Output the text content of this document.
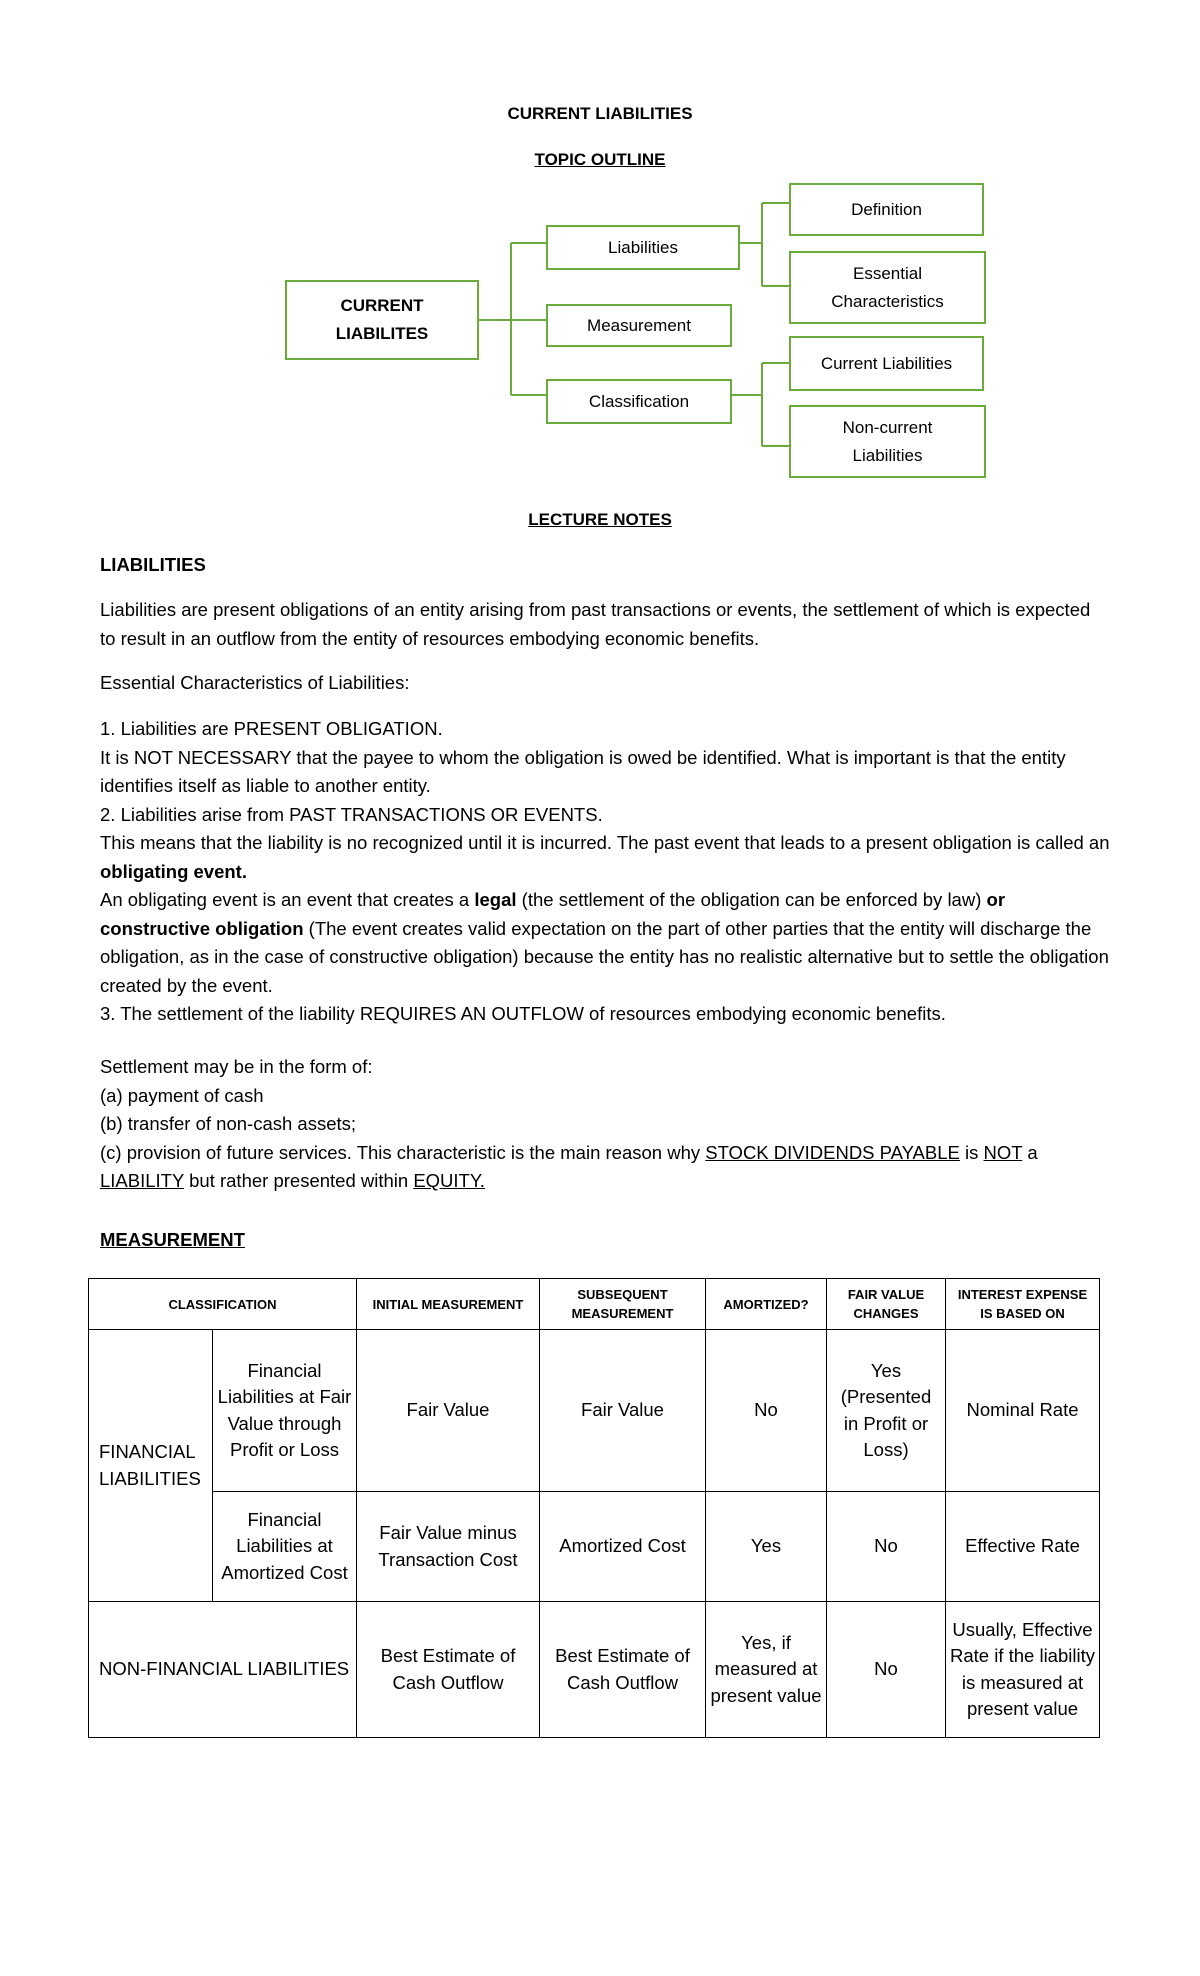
CURRENT LIABILITIES
TOPIC OUTLINE
CURRENT LIABILITES
Liabilities
Measurement
Classification
Definition
Essential Characteristics
Current Liabilities
Non-current Liabilities
LECTURE NOTES

LIABILITIES

Liabilities are present obligations of an entity arising from past transactions or events, the settlement of which is expected to result in an outflow from the entity of resources embodying economic benefits.

Essential Characteristics of Liabilities:

1. Liabilities are PRESENT OBLIGATION.

It is NOT NECESSARY that the payee to whom the obligation is owed be identified. What is important is that the entity identifies itself as liable to another entity.

2. Liabilities arise from PAST TRANSACTIONS OR EVENTS.

This means that the liability is no recognized until it is incurred. The past event that leads to a present obligation is called an obligating event.

An obligating event is an event that creates a legal (the settlement of the obligation can be enforced by law) or constructive obligation (The event creates valid expectation on the part of other parties that the entity will discharge the obligation, as in the case of constructive obligation) because the entity has no realistic alternative but to settle the obligation created by the event.

3. The settlement of the liability REQUIRES AN OUTFLOW of resources embodying economic benefits.

Settlement may be in the form of:

(a) payment of cash

(b) transfer of non-cash assets;

(c) provision of future services. This characteristic is the main reason why STOCK DIVIDENDS PAYABLE is NOT a LIABILITY but rather presented within EQUITY.

MEASUREMENT

CLASSIFICATION		INITIAL MEASUREMENT	SUBSEQUENT MEASUREMENT	AMORTIZED?	FAIR VALUE CHANGES	INTEREST EXPENSE IS BASED ON
FINANCIAL LIABILITIES	Financial Liabilities at Fair Value through Profit or Loss	Fair Value	Fair Value	No	Yes (Presented in Profit or Loss)	Nominal Rate
	Financial Liabilities at Amortized Cost	Fair Value minus Transaction Cost	Amortized Cost	Yes	No	Effective Rate
NON-FINANCIAL LIABILITIES		Best Estimate of Cash Outflow	Best Estimate of Cash Outflow	Yes, if measured at present value	No	Usually, Effective Rate if the liability is measured at present value
